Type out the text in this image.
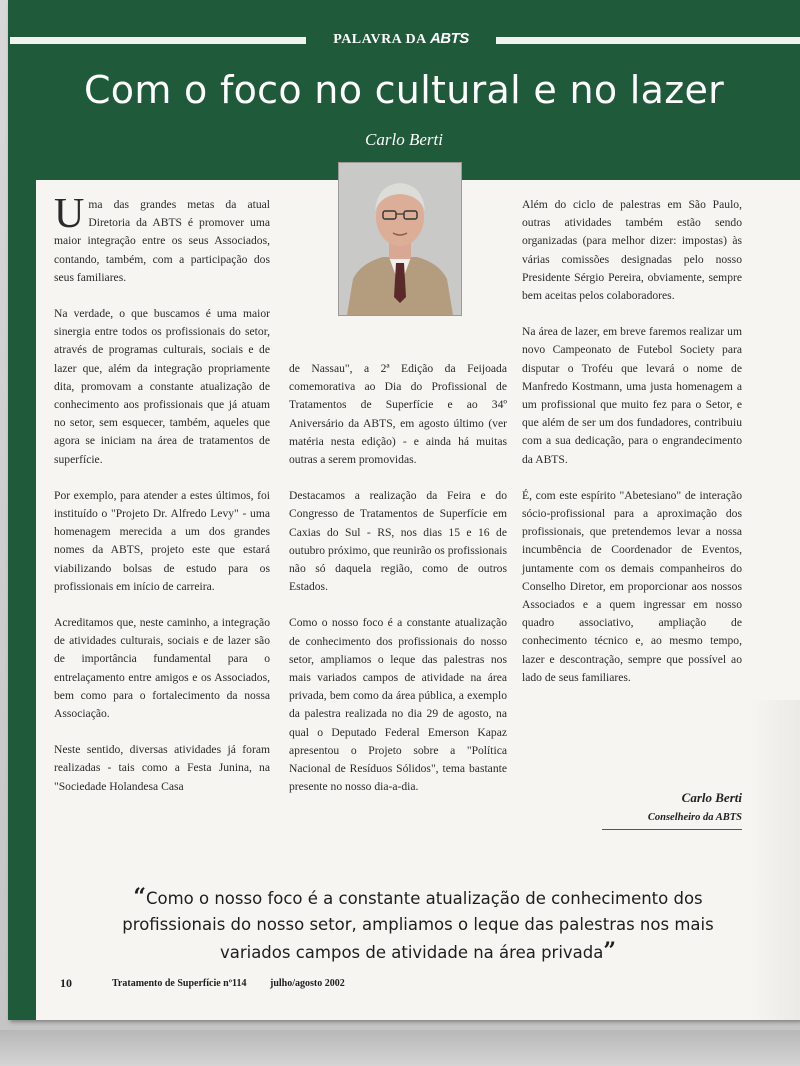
PALAVRA DA ABTS
Com o foco no cultural e no lazer
Carlo Berti

Uma das grandes metas da atual Diretoria da ABTS é promover uma maior integração entre os seus Associados, contando, também, com a participação dos seus familiares.

Na verdade, o que buscamos é uma maior sinergia entre todos os profissionais do setor, através de programas culturais, sociais e de lazer que, além da integração propriamente dita, promovam a constante atualização de conhecimento aos profissionais que já atuam no setor, sem esquecer, também, aqueles que agora se iniciam na área de tratamentos de superfície.

Por exemplo, para atender a estes últimos, foi instituído o "Projeto Dr. Alfredo Levy" - uma homenagem merecida a um dos grandes nomes da ABTS, projeto este que estará viabilizando bolsas de estudo para os profissionais em início de carreira.

Acreditamos que, neste caminho, a integração de atividades culturais, sociais e de lazer são de importância fundamental para o entrelaçamento entre amigos e os Associados, bem como para o fortalecimento da nossa Associação.

Neste sentido, diversas atividades já foram realizadas - tais como a Festa Junina, na "Sociedade Holandesa Casa

de Nassau", a 2ª Edição da Feijoada comemorativa ao Dia do Profissional de Tratamentos de Superfície e ao 34º Aniversário da ABTS, em agosto último (ver matéria nesta edição) - e ainda há muitas outras a serem promovidas.

Destacamos a realização da Feira e do Congresso de Tratamentos de Superfície em Caxias do Sul - RS, nos dias 15 e 16 de outubro próximo, que reunirão os profissionais não só daquela região, como de outros Estados.

Como o nosso foco é a constante atualização de conhecimento dos profissionais do nosso setor, ampliamos o leque das palestras nos mais variados campos de atividade na área privada, bem como da área pública, a exemplo da palestra realizada no dia 29 de agosto, na qual o Deputado Federal Emerson Kapaz apresentou o Projeto sobre a "Política Nacional de Resíduos Sólidos", tema bastante presente no nosso dia-a-dia.

Além do ciclo de palestras em São Paulo, outras atividades também estão sendo organizadas (para melhor dizer: impostas) às várias comissões designadas pelo nosso Presidente Sérgio Pereira, obviamente, sempre bem aceitas pelos colaboradores.

Na área de lazer, em breve faremos realizar um novo Campeonato de Futebol Society para disputar o Troféu que levará o nome de Manfredo Kostmann, uma justa homenagem a um profissional que muito fez para o Setor, e que além de ser um dos fundadores, contribuiu com a sua dedicação, para o engrandecimento da ABTS.

É, com este espírito "Abetesiano" de interação sócio-profissional para a aproximação dos profissionais, que pretendemos levar a nossa incumbência de Coordenador de Eventos, juntamente com os demais companheiros do Conselho Diretor, em proporcionar aos nossos Associados e a quem ingressar em nosso quadro associativo, ampliação de conhecimento técnico e, ao mesmo tempo, lazer e descontração, sempre que possível ao lado de seus familiares.

Carlo Berti
Conselheiro da ABTS
“Como o nosso foco é a constante atualização de conhecimento dos profissionais do nosso setor, ampliamos o leque das palestras nos mais variados campos de atividade na área privada”
10	Tratamento de Superfície nº114 julho/agosto 2002
